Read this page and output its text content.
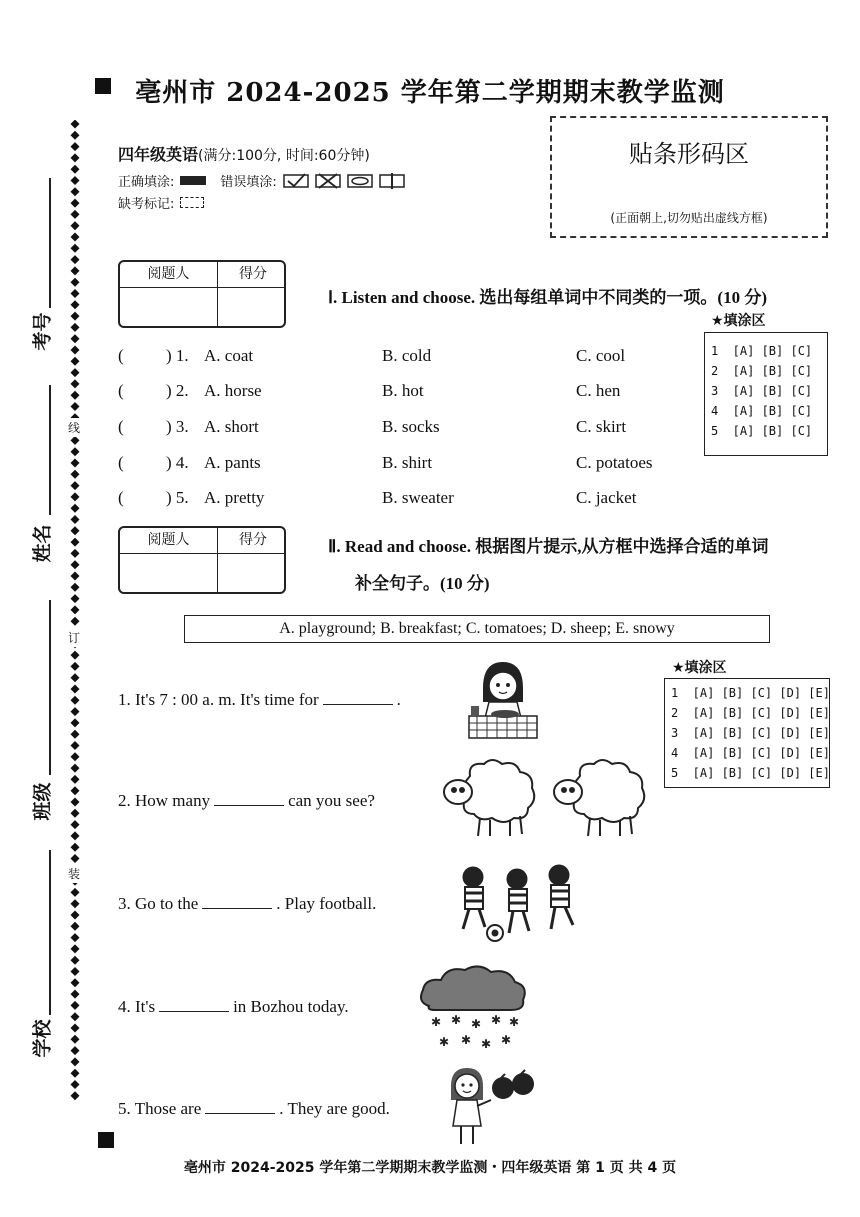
线
订
装
考号
姓名
班级
学校
亳州市 2024-2025 学年第二学期期末教学监测
四年级英语(满分:100分, 时间:60分钟)
正确填涂:	错误填涂:
缺考标记:
贴条形码区
(正面朝上,切勿贴出虚线方框)
阅题人	得分
Ⅰ. Listen and choose. 选出每组单词中不同类的一项。(10 分)
★填涂区
1  [A] [B] [C]
2  [A] [B] [C]
3  [A] [B] [C]
4  [A] [B] [C]
5  [A] [B] [C]
( ) 1. A. coat	B. cold	C. cool
( ) 2. A. horse	B. hot	C. hen
( ) 3. A. short	B. socks	C. skirt
( ) 4. A. pants	B. shirt	C. potatoes
( ) 5. A. pretty	B. sweater	C. jacket
阅题人	得分	Ⅱ. Read and choose. 根据图片提示,从方框中选择合适的单词
补全句子。(10 分)
A. playground; B. breakfast; C. tomatoes; D. sheep; E. snowy
★填涂区
1  [A] [B] [C] [D] [E]
2  [A] [B] [C] [D] [E]
3  [A] [B] [C] [D] [E]
4  [A] [B] [C] [D] [E]
5  [A] [B] [C] [D] [E]
1. It's 7 : 00 a. m. It's time for	.
2. How many	can you see?
3. Go to the	. Play football.
4. It's	in Bozhou today.
5. Those are	. They are good.
✱ ✱ ✱ ✱ ✱
✱ ✱ ✱ ✱
亳州市 2024-2025 学年第二学期期末教学监测・四年级英语 第 1 页 共 4 页
